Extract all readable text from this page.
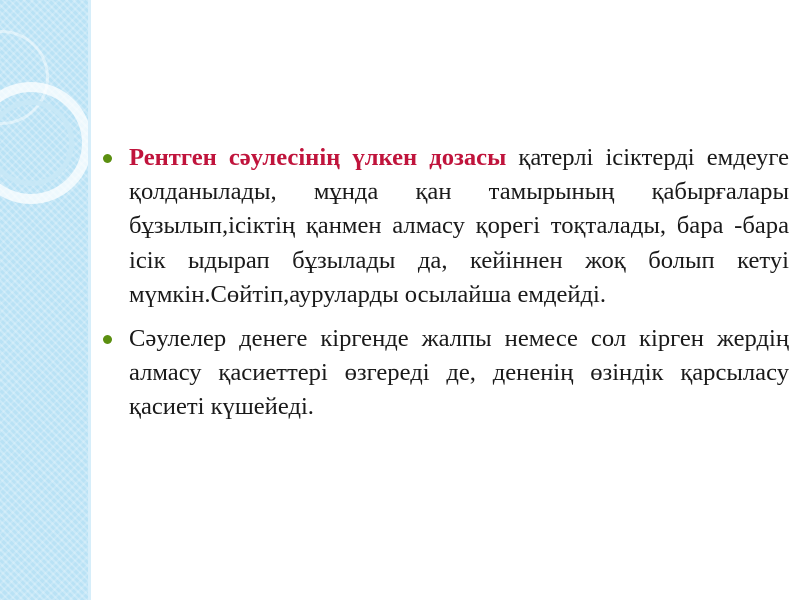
Рентген сәулесінің үлкен дозасы қатерлі ісіктерді емдеуге қолданылады, мұнда қан тамырының қабырғалары бұзылып,ісіктің қанмен алмасу қорегі тоқталады, бара -бара ісік ыдырап бұзылады да, кейіннен жоқ болып кетуі мүмкін.Сөйтіп,ауруларды осылайша емдейді.
Сәулелер денеге кіргенде жалпы немесе сол кірген жердің алмасу қасиеттері өзгереді де, дененің өзіндік қарсыласу қасиеті күшейеді.
